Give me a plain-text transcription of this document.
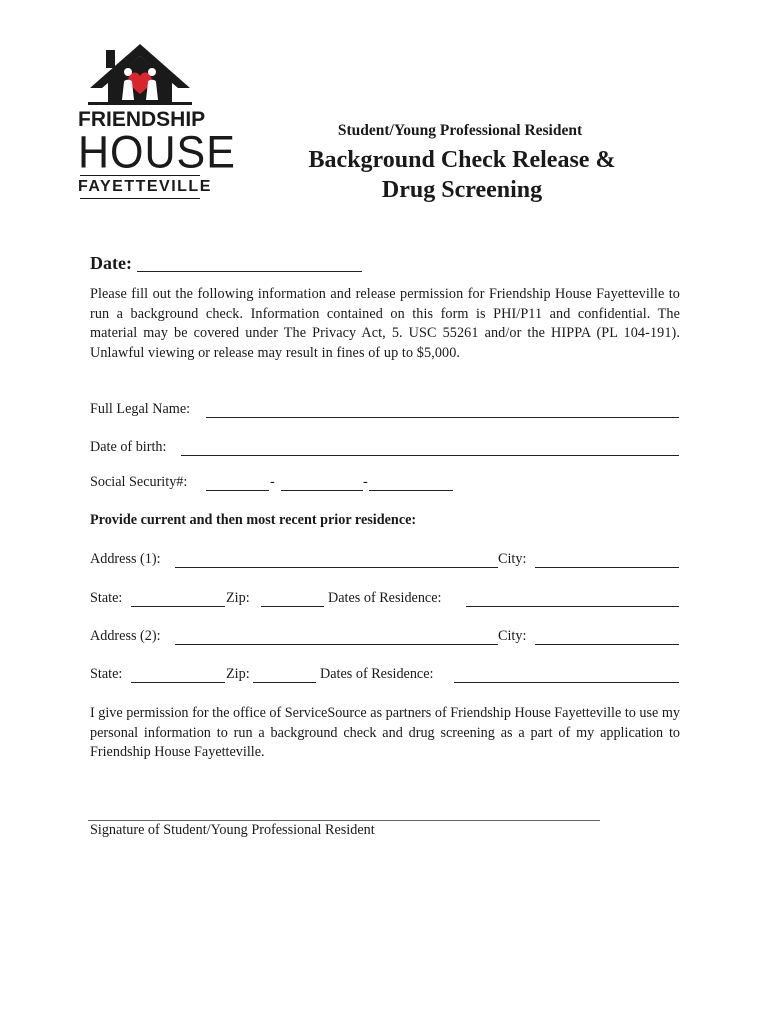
FRIENDSHIP
HOUSE
FAYETTEVILLE
Student/Young Professional Resident
Background Check Release &
Drug Screening
Date:
Please fill out the following information and release permission for Friendship House Fayetteville to run a background check. Information contained on this form is PHI/P11 and confidential. The material may be covered under The Privacy Act, 5. USC 55261 and/or the HIPPA (PL 104-191). Unlawful viewing or release may result in fines of up to $5,000.
Full Legal Name:
Date of birth:
Social Security#:	-	-
Provide current and then most recent prior residence:
Address (1):	City:
State:	Zip:	Dates of Residence:
Address (2):	City:
State:	Zip:	Dates of Residence:
I give permission for the office of ServiceSource as partners of Friendship House Fayetteville to use my personal information to run a background check and drug screening as a part of my application to Friendship House Fayetteville.
Signature of Student/Young Professional Resident
